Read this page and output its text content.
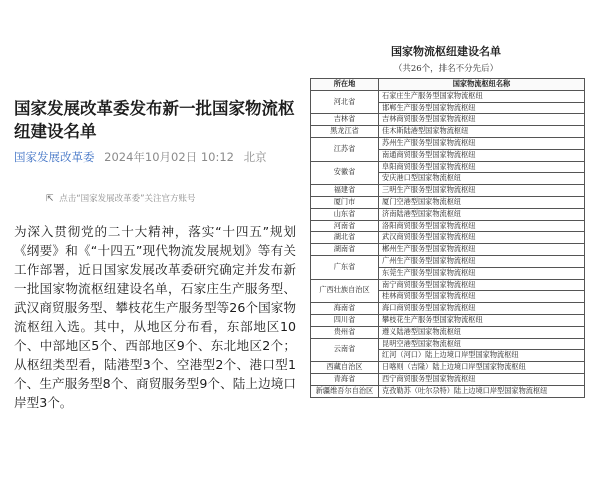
国家发展改革委发布新一批国家物流枢纽建设名单
国家发展改革委 2024年10月02日 10:12 北京
⇱ 点击“国家发展改革委”关注官方账号

为深入贯彻党的二十大精神，落实“十四五”规划《纲要》和《“十四五”现代物流发展规划》等有关工作部署，近日国家发展改革委研究确定并发布新一批国家物流枢纽建设名单，石家庄生产服务型、武汉商贸服务型、攀枝花生产服务型等26个国家物流枢纽入选。其中，从地区分布看，东部地区10个、中部地区5个、西部地区9个、东北地区2个；从枢纽类型看，陆港型3个、空港型2个、港口型1个、生产服务型8个、商贸服务型9个、陆上边境口岸型3个。

国家物流枢纽建设名单
（共26个，排名不分先后）
所在地	国家物流枢纽名称
河北省	石家庄生产服务型国家物流枢纽
	邯郸生产服务型国家物流枢纽
吉林省	吉林商贸服务型国家物流枢纽
黑龙江省	佳木斯陆港型国家物流枢纽
江苏省	苏州生产服务型国家物流枢纽
	南通商贸服务型国家物流枢纽
安徽省	阜阳商贸服务型国家物流枢纽
	安庆港口型国家物流枢纽
福建省	三明生产服务型国家物流枢纽
厦门市	厦门空港型国家物流枢纽
山东省	济南陆港型国家物流枢纽
河南省	洛阳商贸服务型国家物流枢纽
湖北省	武汉商贸服务型国家物流枢纽
湖南省	郴州生产服务型国家物流枢纽
广东省	广州生产服务型国家物流枢纽
	东莞生产服务型国家物流枢纽
广西壮族自治区	南宁商贸服务型国家物流枢纽
	桂林商贸服务型国家物流枢纽
海南省	海口商贸服务型国家物流枢纽
四川省	攀枝花生产服务型国家物流枢纽
贵州省	遵义陆港型国家物流枢纽
云南省	昆明空港型国家物流枢纽
	红河（河口）陆上边境口岸型国家物流枢纽
西藏自治区	日喀则（吉隆）陆上边境口岸型国家物流枢纽
青海省	西宁商贸服务型国家物流枢纽
新疆维吾尔自治区	克孜勒苏（吐尔尕特）陆上边境口岸型国家物流枢纽
